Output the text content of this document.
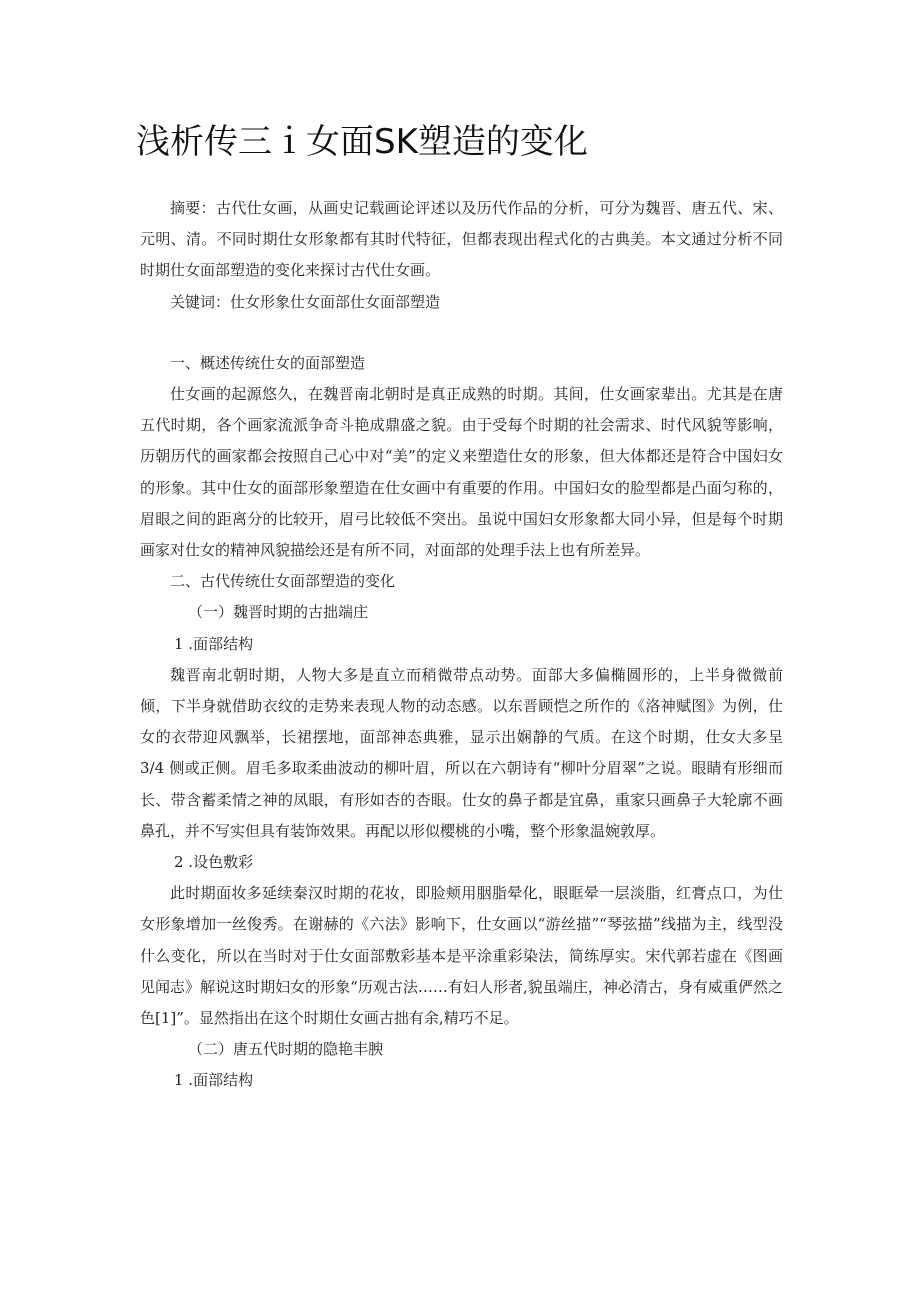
浅析传三ｉ女面SK塑造的变化

摘要：古代仕女画，从画史记载画论评述以及历代作品的分析，可分为魏晋、唐五代、宋、元明、清。不同时期仕女形象都有其时代特征，但都表现出程式化的古典美。本文通过分析不同时期仕女面部塑造的变化来探讨古代仕女画。

关键词：仕女形象仕女面部仕女面部塑造

一、概述传统仕女的面部塑造

仕女画的起源悠久，在魏晋南北朝时是真正成熟的时期。其间，仕女画家辈出。尤其是在唐五代时期，各个画家流派争奇斗艳成鼎盛之貌。由于受每个时期的社会需求、时代风貌等影响，历朝历代的画家都会按照自己心中对“美”的定义来塑造仕女的形象，但大体都还是符合中国妇女的形象。其中仕女的面部形象塑造在仕女画中有重要的作用。中国妇女的脸型都是凸面匀称的，眉眼之间的距离分的比较开，眉弓比较低不突出。虽说中国妇女形象都大同小异，但是每个时期画家对仕女的精神风貌描绘还是有所不同，对面部的处理手法上也有所差异。

二、古代传统仕女面部塑造的变化

（一）魏晋时期的古拙端庄

1 .面部结构

魏晋南北朝时期，人物大多是直立而稍微带点动势。面部大多偏椭圆形的，上半身微微前倾，下半身就借助衣纹的走势来表现人物的动态感。以东晋顾恺之所作的《洛神赋图》为例，仕女的衣带迎风飘举，长裙摆地，面部神态典雅，显示出娴静的气质。在这个时期，仕女大多呈 3/4 侧或正侧。眉毛多取柔曲波动的柳叶眉，所以在六朝诗有“柳叶分眉翠”之说。眼睛有形细而长、带含蓄柔情之神的凤眼，有形如杏的杏眼。仕女的鼻子都是宜鼻，重家只画鼻子大轮廓不画鼻孔，并不写实但具有装饰效果。再配以形似樱桃的小嘴，整个形象温婉敦厚。

2 .设色敷彩

此时期面妆多延续秦汉时期的花妆，即脸颊用胭脂晕化，眼眶晕一层淡脂，红膏点口，为仕女形象增加一丝俊秀。在谢赫的《六法》影响下，仕女画以“游丝描”“琴弦描”线描为主，线型没什么变化，所以在当时对于仕女面部敷彩基本是平涂重彩染法，简练厚实。宋代郭若虚在《图画见闻志》解说这时期妇女的形象“历观古法……有妇人形者,貌虽端庄，神必清古，身有威重俨然之色[1]”。显然指出在这个时期仕女画古拙有余,精巧不足。

（二）唐五代时期的隐艳丰腴

1 .面部结构
